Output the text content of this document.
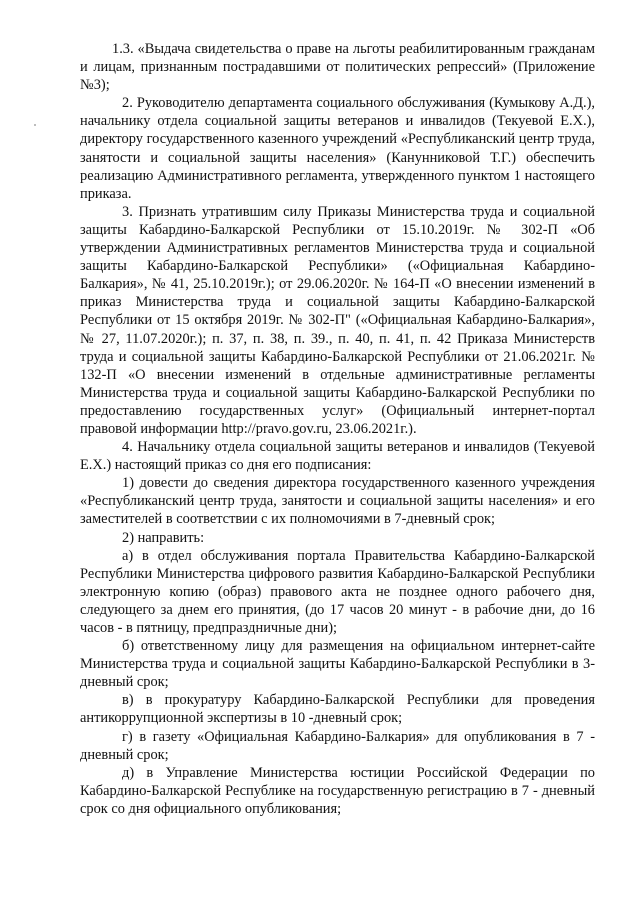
1.3. «Выдача свидетельства о праве на льготы реабилитированным гражданам и лицам, признанным пострадавшими от политических репрессий» (Приложение №3);

2. Руководителю департамента социального обслуживания (Кумыкову А.Д.), начальнику отдела социальной защиты ветеранов и инвалидов (Текуевой Е.Х.), директору государственного казенного учреждений «Республиканский центр труда, занятости и социальной защиты населения» (Канунниковой Т.Г.) обеспечить реализацию Административного регламента, утвержденного пунктом 1 настоящего приказа.

3. Признать утратившим силу Приказы Министерства труда и социальной защиты Кабардино-Балкарской Республики от 15.10.2019г. № 302-П «Об утверждении Административных регламентов Министерства труда и социальной защиты Кабардино-Балкарской Республики» («Официальная Кабардино-Балкария», № 41, 25.10.2019г.); от 29.06.2020г. № 164-П «О внесении изменений в приказ Министерства труда и социальной защиты Кабардино-Балкарской Республики от 15 октября 2019г. № 302-П" («Официальная Кабардино-Балкария», № 27, 11.07.2020г.); п. 37, п. 38, п. 39., п. 40, п. 41, п. 42 Приказа Министерств труда и социальной защиты Кабардино-Балкарской Республики от 21.06.2021г. № 132-П «О внесении изменений в отдельные административные регламенты Министерства труда и социальной защиты Кабардино-Балкарской Республики по предоставлению государственных услуг» (Официальный интернет-портал правовой информации http://pravo.gov.ru, 23.06.2021г.).

4. Начальнику отдела социальной защиты ветеранов и инвалидов (Текуевой Е.Х.) настоящий приказ со дня его подписания:

1) довести до сведения директора государственного казенного учреждения «Республиканский центр труда, занятости и социальной защиты населения» и его заместителей в соответствии с их полномочиями в 7-дневный срок;

2) направить:

а) в отдел обслуживания портала Правительства Кабардино-Балкарской Республики Министерства цифрового развития Кабардино-Балкарской Республики электронную копию (образ) правового акта не позднее одного рабочего дня, следующего за днем его принятия, (до 17 часов 20 минут - в рабочие дни, до 16 часов - в пятницу, предпраздничные дни);

б) ответственному лицу для размещения на официальном интернет-сайте Министерства труда и социальной защиты Кабардино-Балкарской Республики в 3-дневный срок;

в) в прокуратуру Кабардино-Балкарской Республики для проведения антикоррупционной экспертизы в 10 -дневный срок;

г) в газету «Официальная Кабардино-Балкария» для опубликования в 7 - дневный срок;

д) в Управление Министерства юстиции Российской Федерации по Кабардино-Балкарской Республике на государственную регистрацию в 7 - дневный срок со дня официального опубликования;
